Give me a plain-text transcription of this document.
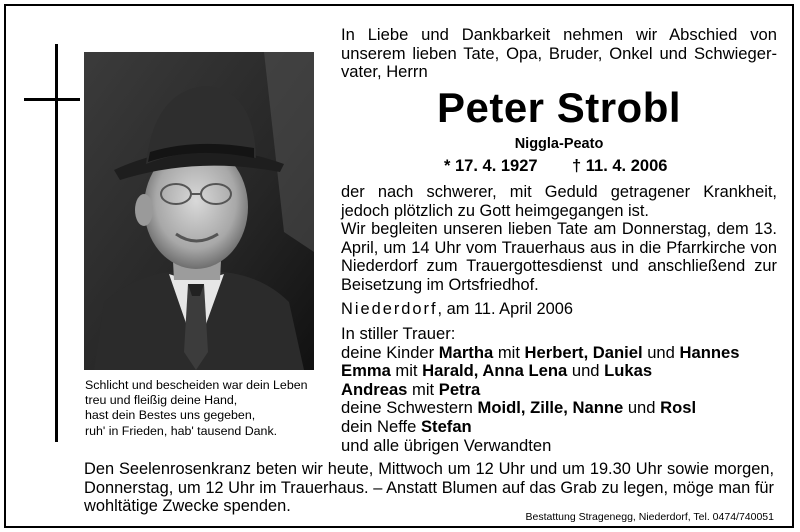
Schlicht und bescheiden war dein Leben
treu und fleißig deine Hand,
hast dein Bestes uns gegeben,
ruh' in Frieden, hab' tausend Dank.
In Liebe und Dankbarkeit nehmen wir Abschied von unserem lieben Tate, Opa, Bruder, Onkel und Schwieger-vater, Herrn
Peter Strobl
Niggla-Peato
* 17. 4. 1927 † 11. 4. 2006
der nach schwerer, mit Geduld getragener Krankheit, jedoch plötzlich zu Gott heimgegangen ist.
Wir begleiten unseren lieben Tate am Donnerstag, dem 13. April, um 14 Uhr vom Trauerhaus aus in die Pfarrkirche von Niederdorf zum Trauergottesdienst und anschließend zur Beisetzung im Ortsfriedhof.
Niederdorf, am 11. April 2006
In stiller Trauer:
deine Kinder Martha mit Herbert, Daniel und Hannes
Emma mit Harald, Anna Lena und Lukas
Andreas mit Petra
deine Schwestern Moidl, Zille, Nanne und Rosl
dein Neffe Stefan
und alle übrigen Verwandten
Den Seelenrosenkranz beten wir heute, Mittwoch um 12 Uhr und um 19.30 Uhr sowie morgen, Donnerstag, um 12 Uhr im Trauerhaus. – Anstatt Blumen auf das Grab zu legen, möge man für wohltätige Zwecke spenden.
Bestattung Stragenegg, Niederdorf, Tel. 0474/740051
